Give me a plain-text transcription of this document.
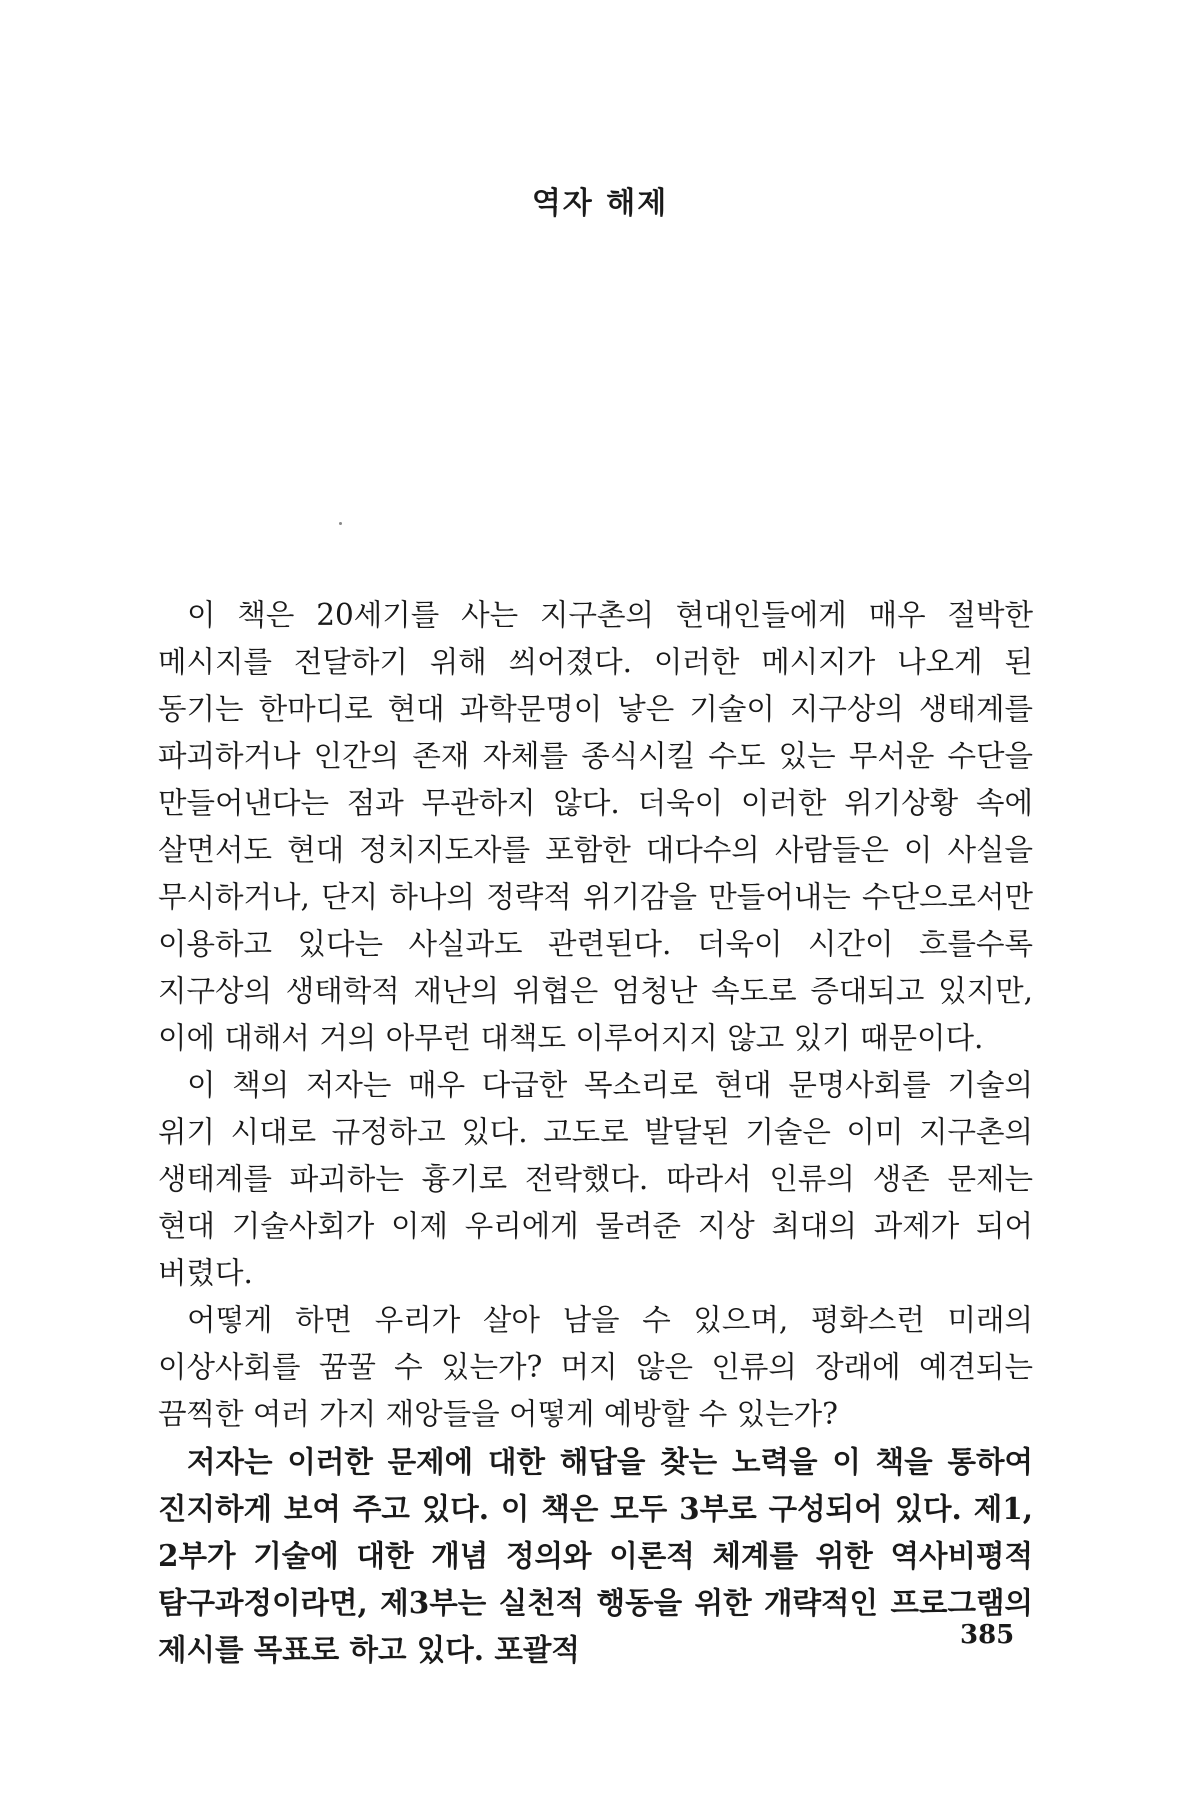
역자 해제

이 책은 20세기를 사는 지구촌의 현대인들에게 매우 절박한 메시지를 전달하기 위해 씌어졌다. 이러한 메시지가 나오게 된 동기는 한마디로 현대 과학문명이 낳은 기술이 지구상의 생태계를 파괴하거나 인간의 존재 자체를 종식시킬 수도 있는 무서운 수단을 만들어낸다는 점과 무관하지 않다. 더욱이 이러한 위기상황 속에 살면서도 현대 정치지도자를 포함한 대다수의 사람들은 이 사실을 무시하거나, 단지 하나의 정략적 위기감을 만들어내는 수단으로서만 이용하고 있다는 사실과도 관련된다. 더욱이 시간이 흐를수록 지구상의 생태학적 재난의 위협은 엄청난 속도로 증대되고 있지만, 이에 대해서 거의 아무런 대책도 이루어지지 않고 있기 때문이다.

이 책의 저자는 매우 다급한 목소리로 현대 문명사회를 기술의 위기 시대로 규정하고 있다. 고도로 발달된 기술은 이미 지구촌의 생태계를 파괴하는 흉기로 전락했다. 따라서 인류의 생존 문제는 현대 기술사회가 이제 우리에게 물려준 지상 최대의 과제가 되어 버렸다.

어떻게 하면 우리가 살아 남을 수 있으며, 평화스런 미래의 이상사회를 꿈꿀 수 있는가? 머지 않은 인류의 장래에 예견되는 끔찍한 여러 가지 재앙들을 어떻게 예방할 수 있는가?

저자는 이러한 문제에 대한 해답을 찾는 노력을 이 책을 통하여 진지하게 보여 주고 있다. 이 책은 모두 3부로 구성되어 있다. 제1, 2부가 기술에 대한 개념 정의와 이론적 체계를 위한 역사비평적 탐구과정이라면, 제3부는 실천적 행동을 위한 개략적인 프로그램의 제시를 목표로 하고 있다. 포괄적	385
